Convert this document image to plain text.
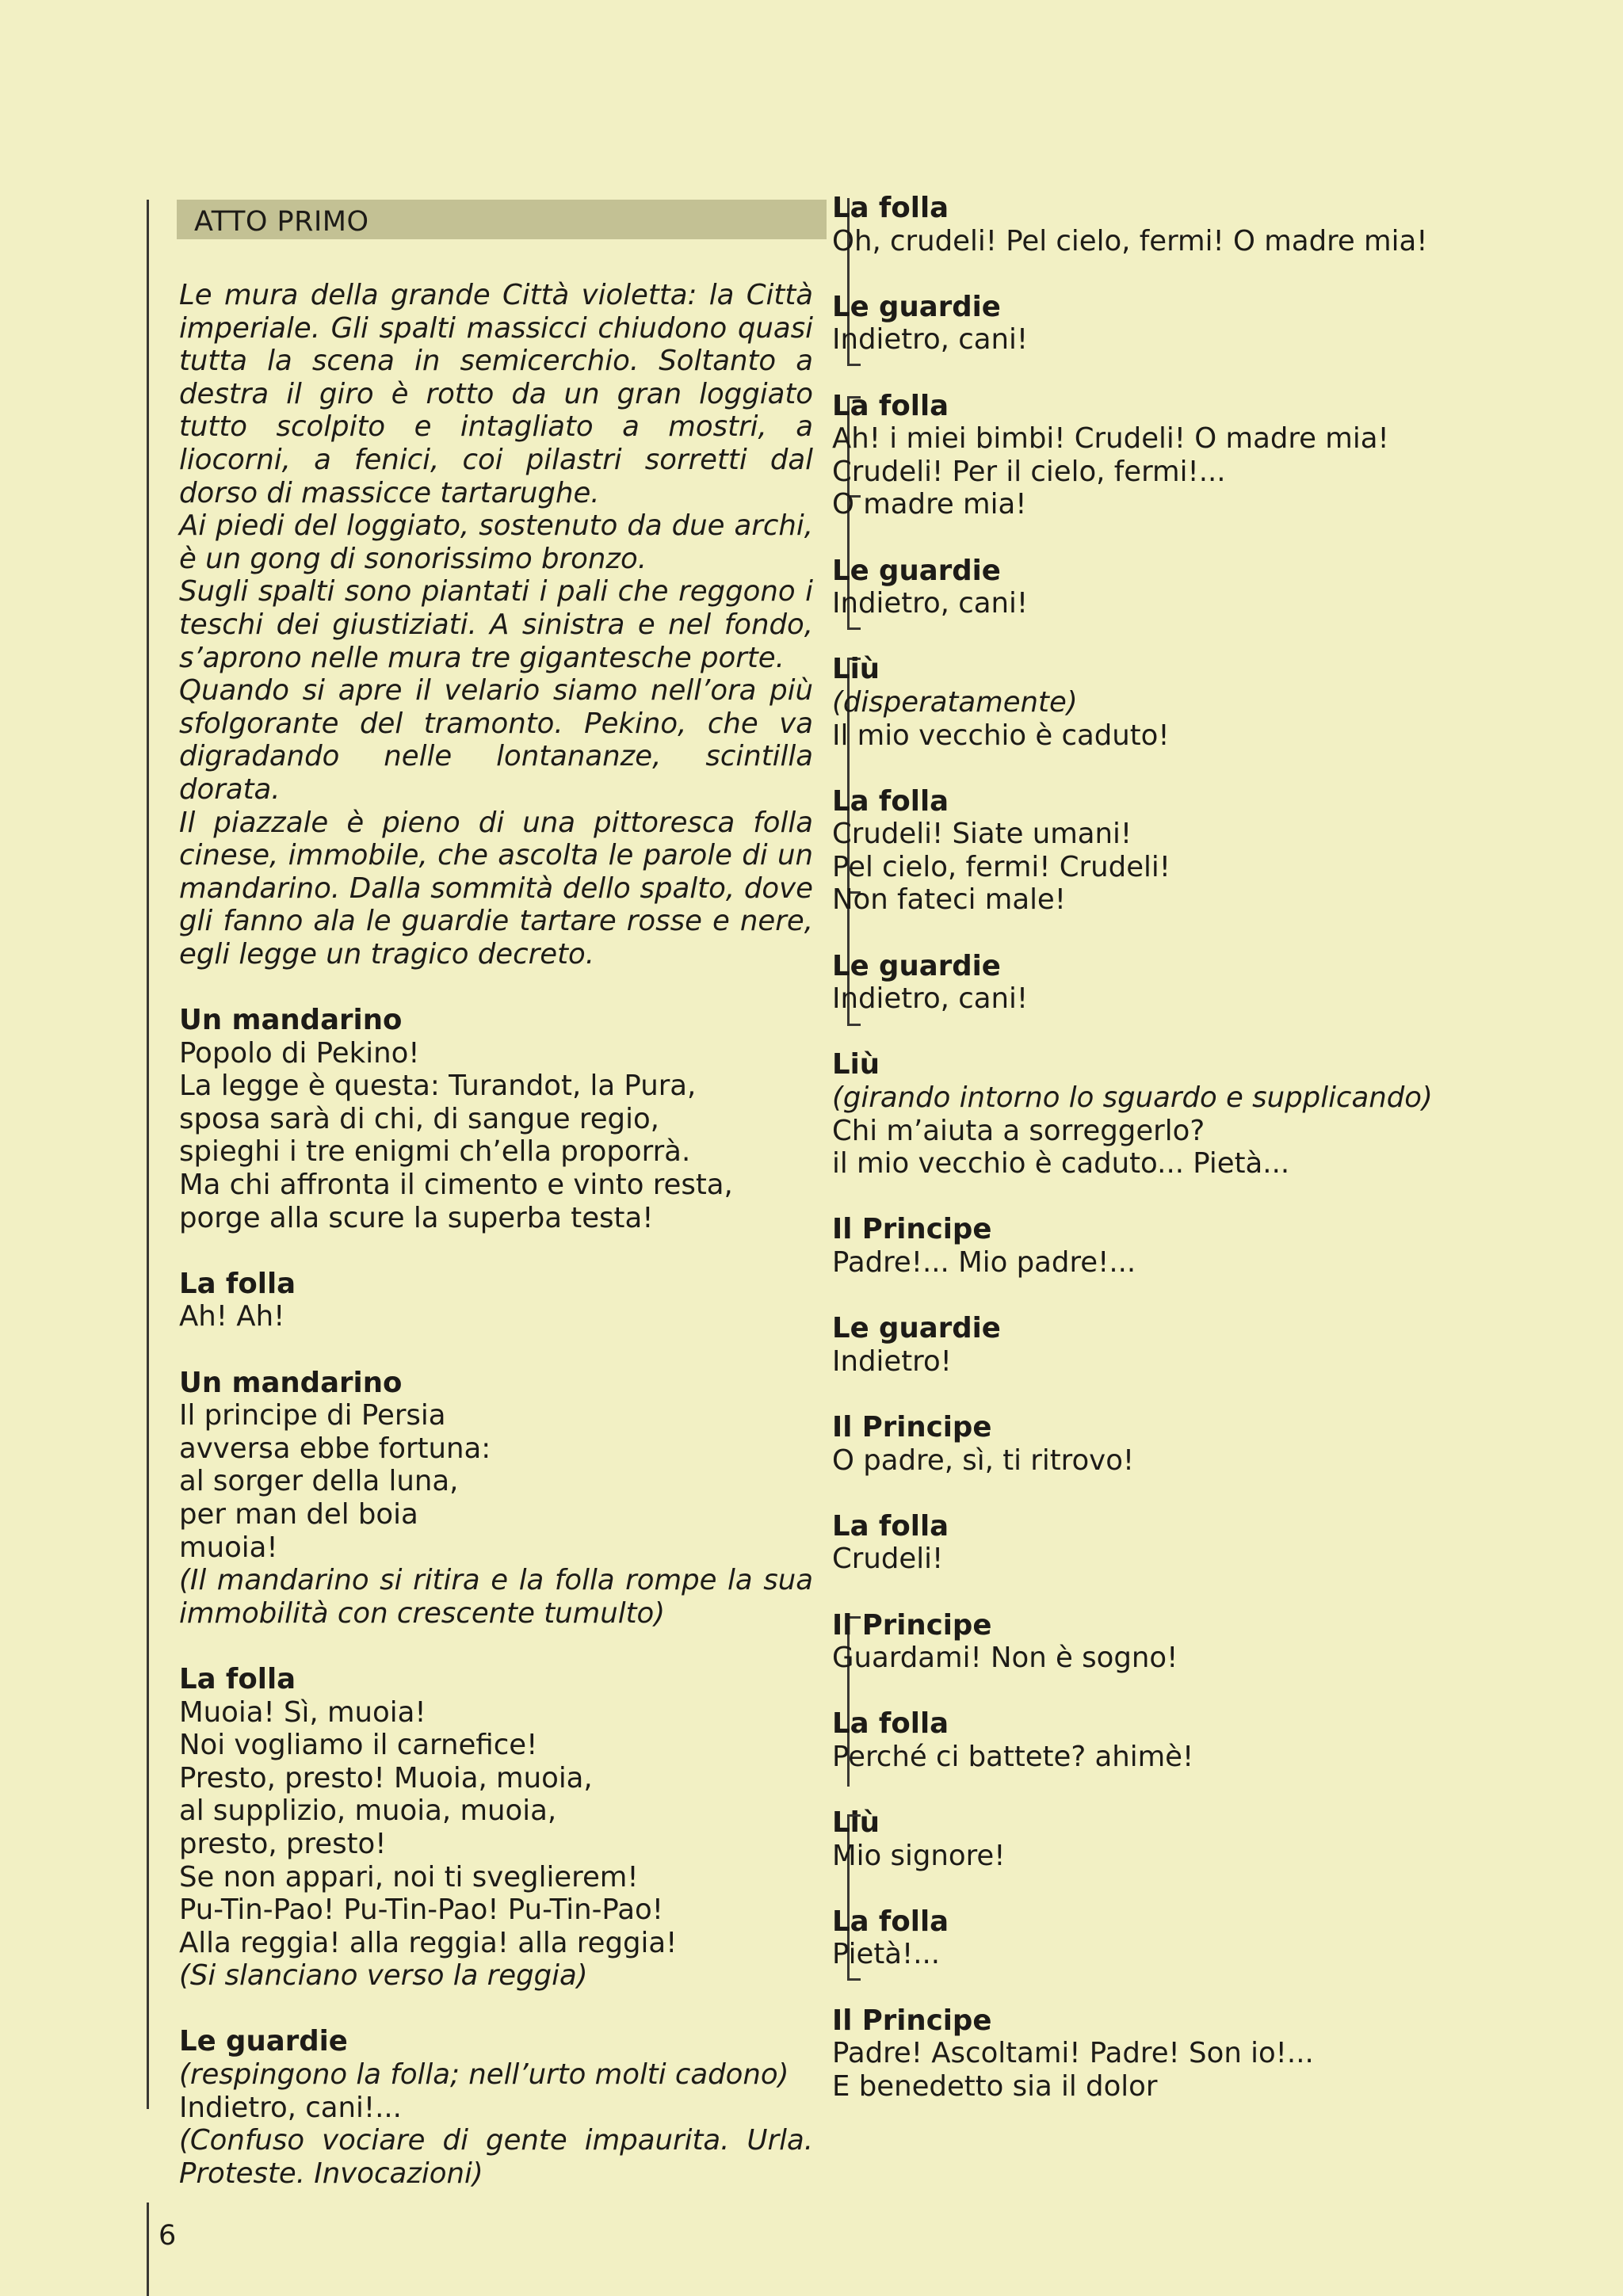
ATTO PRIMO

Le mura della grande Città violetta: la Città imperiale. Gli spalti massicci chiudono quasi tutta la scena in semicerchio. Soltanto a destra il giro è rotto da un gran loggiato tutto scolpito e intagliato a mostri, a liocorni, a fenici, coi pilastri sorretti dal dorso di massicce tartarughe.

Ai piedi del loggiato, sostenuto da due archi, è un gong di sonorissimo bronzo.

Sugli spalti sono piantati i pali che reggono i teschi dei giustiziati. A sinistra e nel fondo, s’aprono nelle mura tre gigantesche porte.

Quando si apre il velario siamo nell’ora più sfolgorante del tramonto. Pekino, che va digradando nelle lontananze, scintilla dorata.

Il piazzale è pieno di una pittoresca folla cinese, immobile, che ascolta le parole di un mandarino. Dalla sommità dello spalto, dove gli fanno ala le guardie tartare rosse e nere, egli legge un tragico decreto.

Un mandarino
Popolo di Pekino!
La legge è questa: Turandot, la Pura,
sposa sarà di chi, di sangue regio,
spieghi i tre enigmi ch’ella proporrà.
Ma chi affronta il cimento e vinto resta,
porge alla scure la superba testa!
La folla
Ah! Ah!
Un mandarino
Il principe di Persia
avversa ebbe fortuna:
al sorger della luna,
per man del boia
muoia!

(Il mandarino si ritira e la folla rompe la sua immobilità con crescente tumulto)

La folla
Muoia! Sì, muoia!
Noi vogliamo il carnefice!
Presto, presto! Muoia, muoia,
al supplizio, muoia, muoia,
presto, presto!
Se non appari, noi ti sveglierem!
Pu-Tin-Pao! Pu-Tin-Pao! Pu-Tin-Pao!
Alla reggia! alla reggia! alla reggia!
(Si slanciano verso la reggia)
Le guardie
(respingono la folla; nell’urto molti cadono)
Indietro, cani!...

(Confuso vociare di gente impaurita. Urla. Proteste. Invocazioni)

La folla
Oh, crudeli! Pel cielo, fermi! O madre mia!
Le guardie
Indietro, cani!
La folla
Ah! i miei bimbi! Crudeli! O madre mia!
Crudeli! Per il cielo, fermi!...
O madre mia!
Le guardie
Indietro, cani!
Liù
(disperatamente)
Il mio vecchio è caduto!
La folla
Crudeli! Siate umani!
Pel cielo, fermi! Crudeli!
Non fateci male!
Le guardie
Indietro, cani!
Liù
(girando intorno lo sguardo e supplicando)
Chi m’aiuta a sorreggerlo?
il mio vecchio è caduto... Pietà...
Il Principe
Padre!... Mio padre!...
Le guardie
Indietro!
Il Principe
O padre, sì, ti ritrovo!
La folla
Crudeli!
Il Principe
Guardami! Non è sogno!
La folla
Perché ci battete? ahimè!
Liù
Mio signore!
La folla
Pietà!...
Il Principe
Padre! Ascoltami! Padre! Son io!...
E benedetto sia il dolor
6
